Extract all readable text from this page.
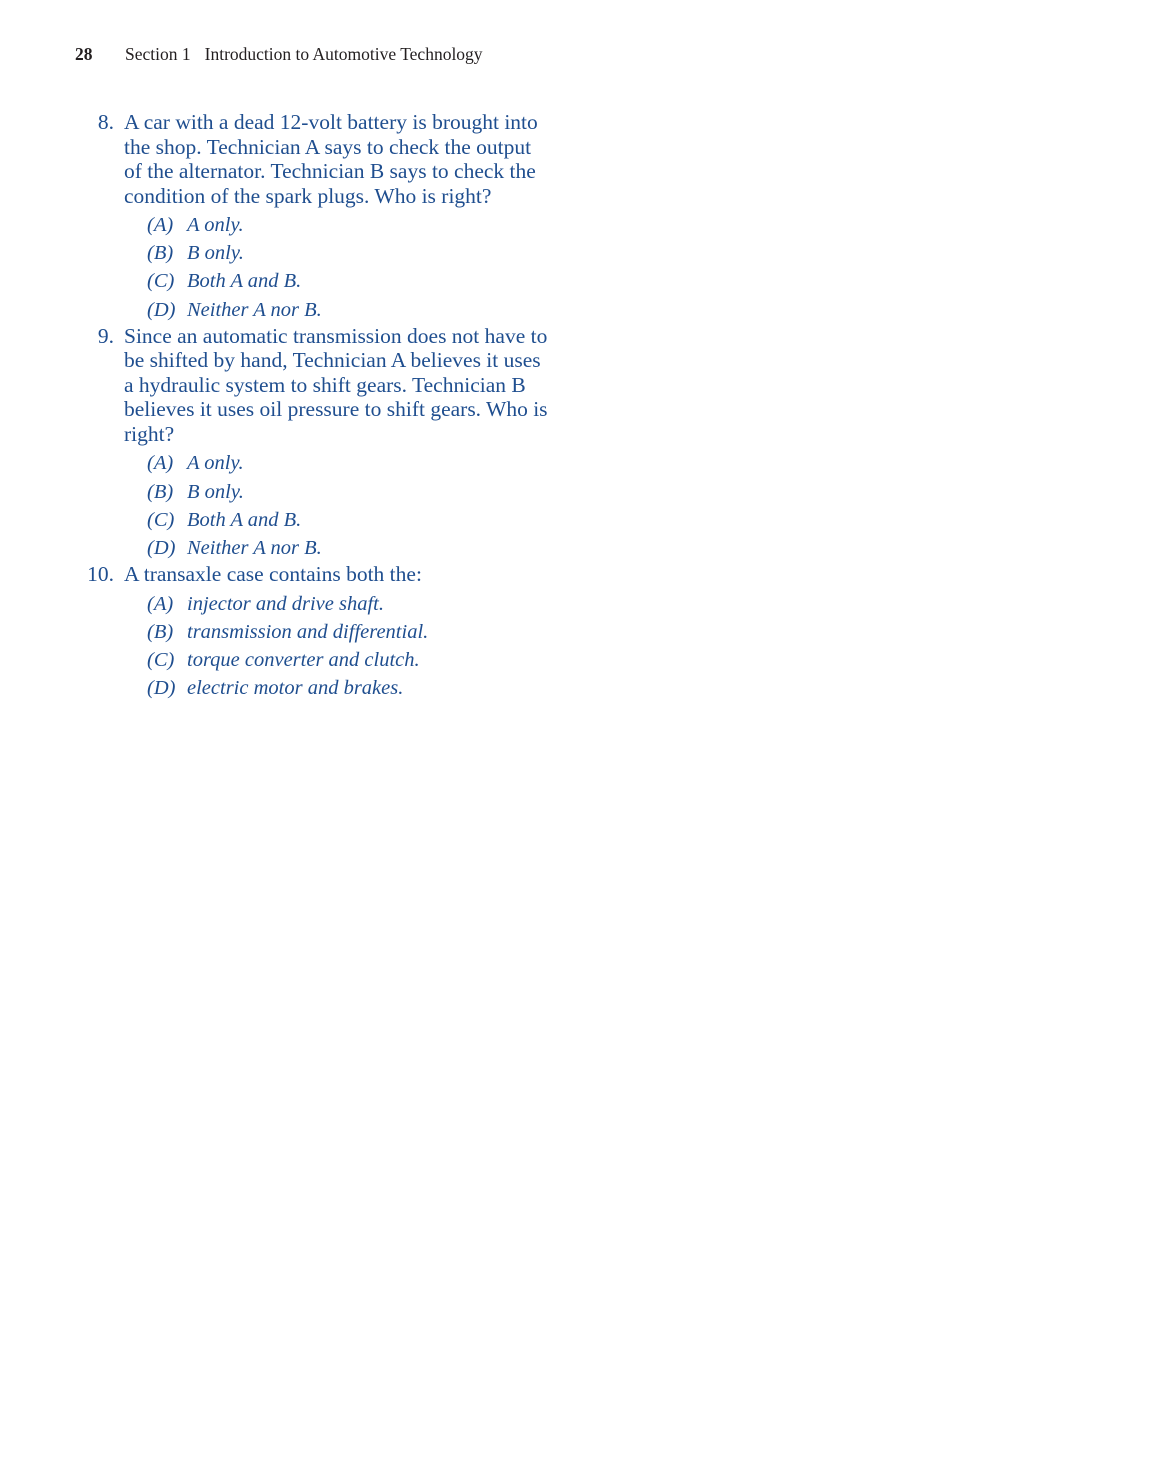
28 Section 1 Introduction to Automotive Technology
8. A car with a dead 12-volt battery is brought into the shop. Technician A says to check the output of the alternator. Technician B says to check the condition of the spark plugs. Who is right?
(A) A only.
(B) B only.
(C) Both A and B.
(D) Neither A nor B.
9. Since an automatic transmission does not have to be shifted by hand, Technician A believes it uses a hydraulic system to shift gears. Technician B believes it uses oil pressure to shift gears. Who is right?
(A) A only.
(B) B only.
(C) Both A and B.
(D) Neither A nor B.
10. A transaxle case contains both the:
(A) injector and drive shaft.
(B) transmission and differential.
(C) torque converter and clutch.
(D) electric motor and brakes.
